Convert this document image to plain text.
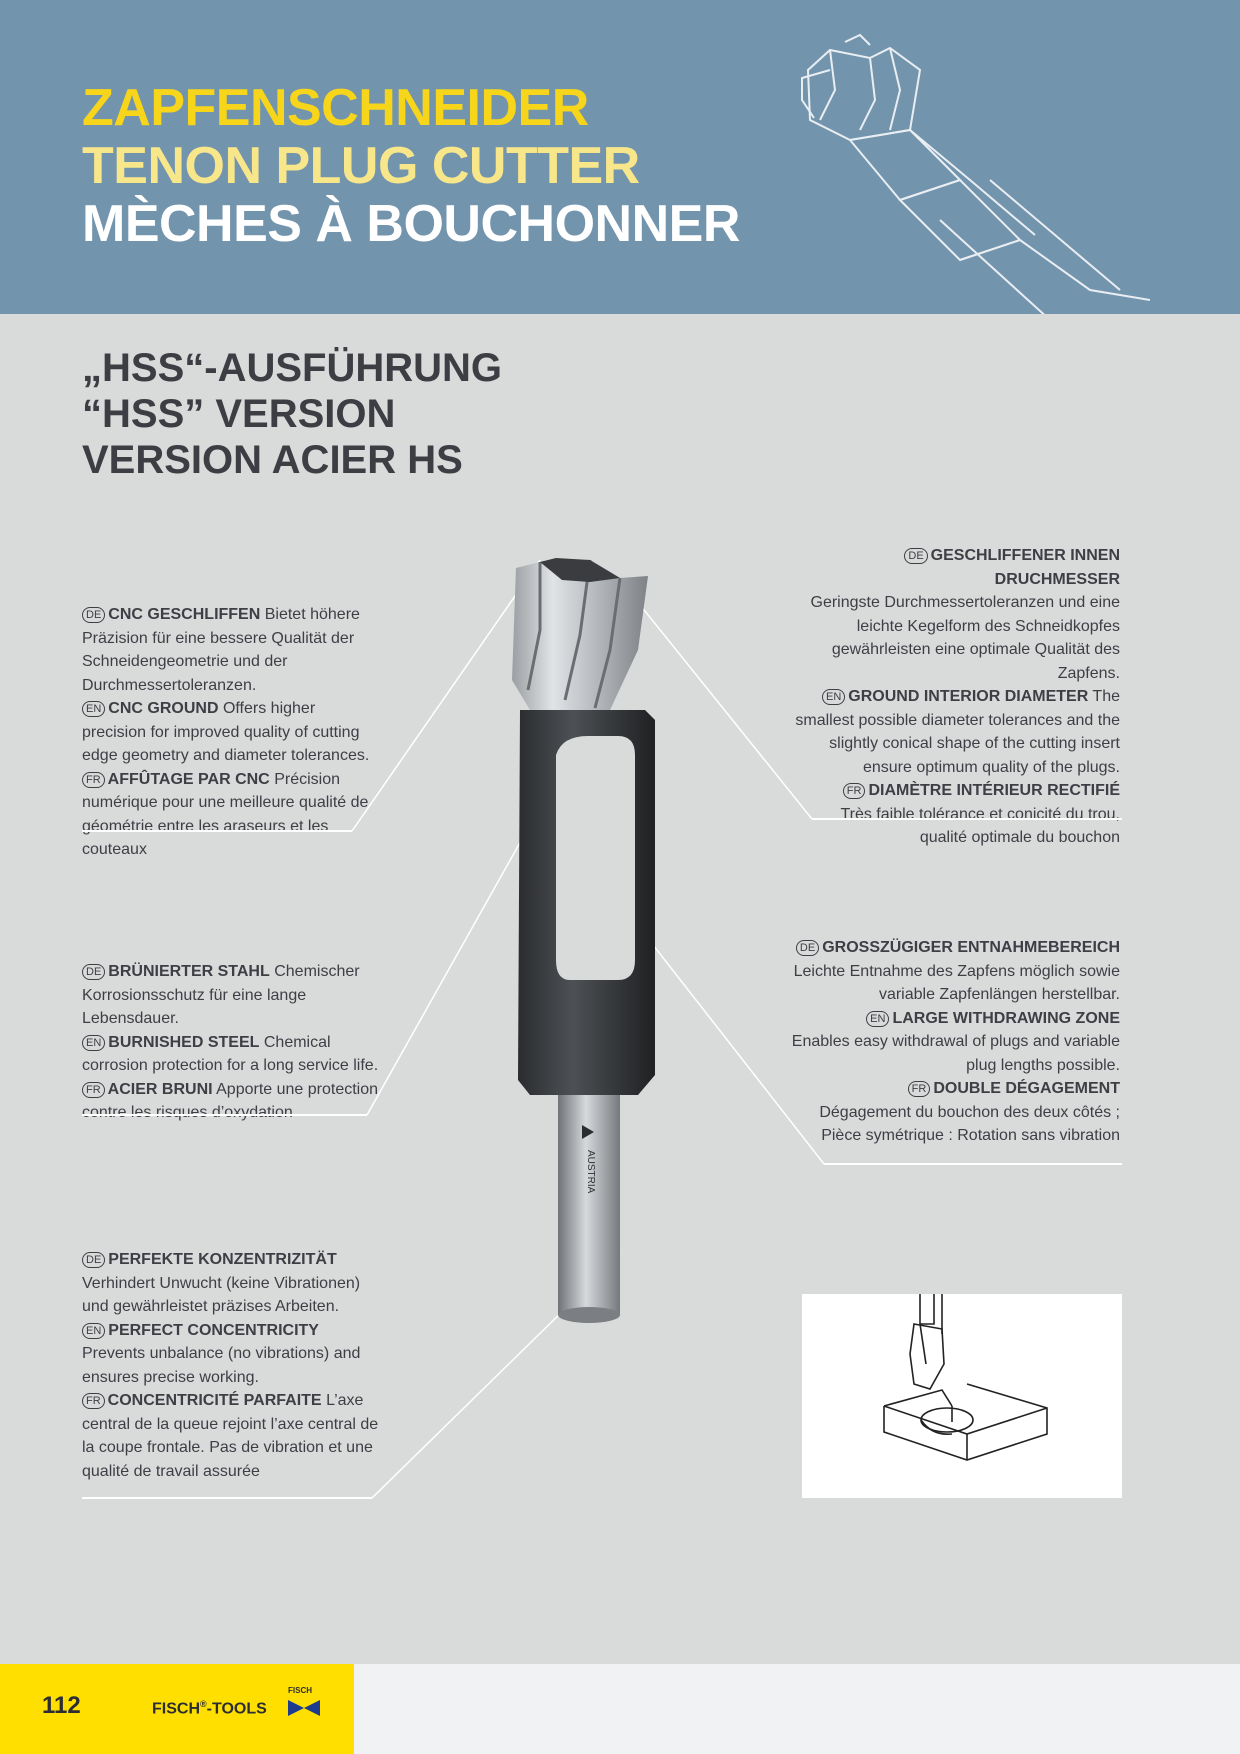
ZAPFENSCHNEIDER
TENON PLUG CUTTER
MÈCHES À BOUCHONNER
„HSS“-AUSFÜHRUNG
“HSS” VERSION
VERSION ACIER HS

DE CNC GESCHLIFFEN Bietet höhere Präzision für eine bessere Qualität der Schneidengeometrie und der Durchmessertoleranzen.

EN CNC GROUND Offers higher precision for improved quality of cutting edge geometry and diameter tolerances.

FR AFFÛTAGE PAR CNC Précision numérique pour une meilleure qualité de géométrie entre les araseurs et les couteaux

DE BRÜNIERTER STAHL Chemischer Korrosionsschutz für eine lange Lebensdauer.

EN BURNISHED STEEL Chemical corrosion protection for a long service life.

FR ACIER BRUNI Apporte une protection contre les risques d’oxydation

DE PERFEKTE KONZENTRIZITÄT Verhindert Unwucht (keine Vibrationen) und gewährleistet präzises Arbeiten.

EN PERFECT CONCENTRICITY Prevents unbalance (no vibrations) and ensures precise working.

FR CONCENTRICITÉ PARFAITE L’axe central de la queue rejoint l’axe central de la coupe frontale. Pas de vibration et une qualité de travail assurée

DE GESCHLIFFENER INNEN DRUCHMESSER

Geringste Durchmessertoleranzen und eine leichte Kegelform des Schneidkopfes gewährleisten eine optimale Qualität des Zapfens.

EN GROUND INTERIOR DIAMETER The smallest possible diameter tolerances and the slightly conical shape of the cutting insert ensure optimum quality of the plugs.

FR DIAMÈTRE INTÉRIEUR RECTIFIÉ

Très faible tolérance et conicité du trou, qualité optimale du bouchon

DE GROSSZÜGIGER ENTNAHMEBEREICH

Leichte Entnahme des Zapfens möglich sowie variable Zapfenlängen herstellbar.

EN LARGE WITHDRAWING ZONE

Enables easy withdrawal of plugs and variable plug lengths possible.

FR DOUBLE DÉGAGEMENT

Dégagement du bouchon des deux côtés ; Pièce symétrique : Rotation sans vibration

AUSTRIA
112	FISCH®-TOOLS
FISCH
